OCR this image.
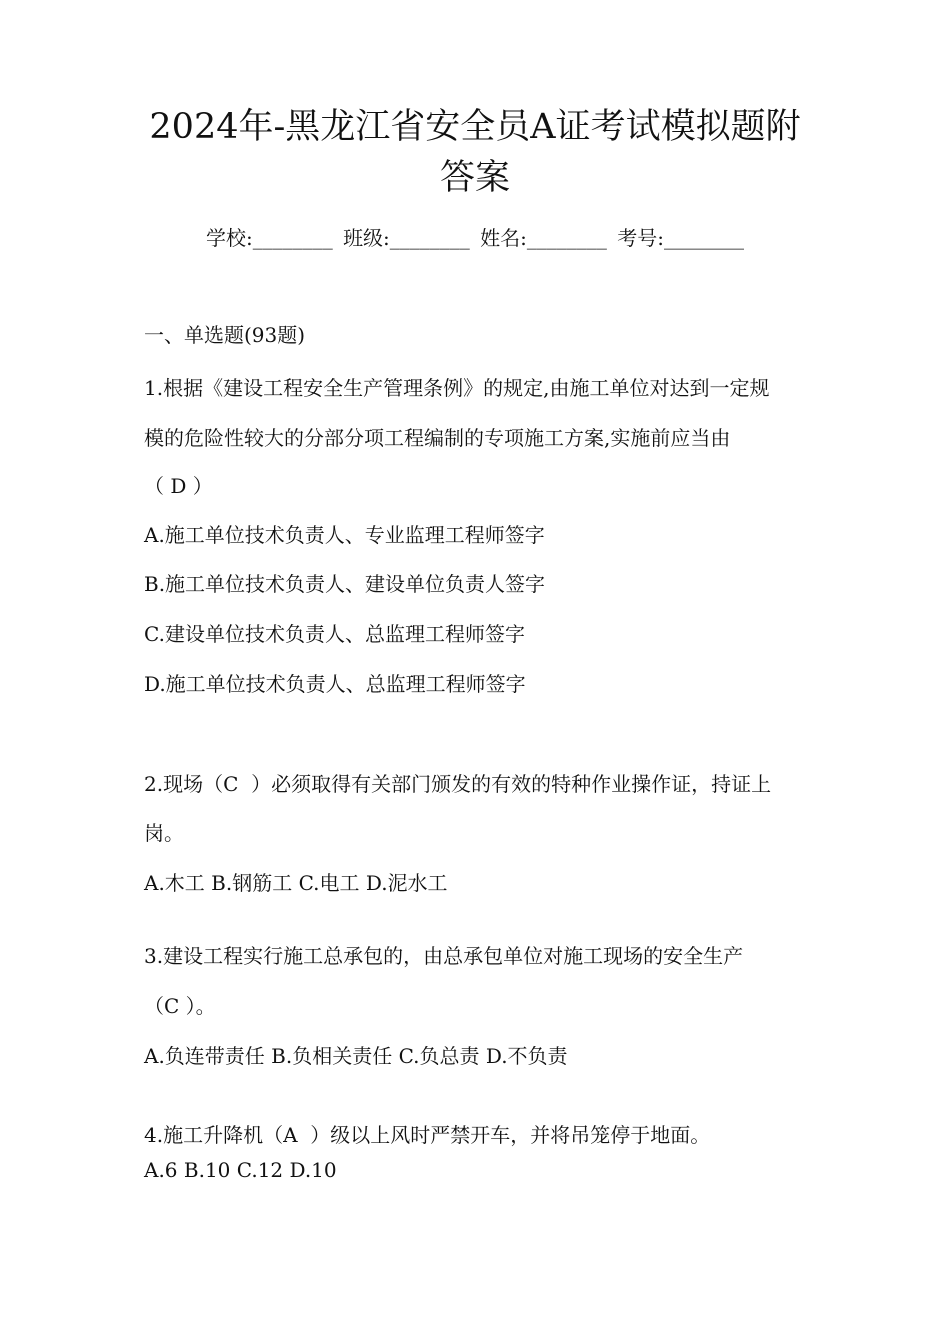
2024年-黑龙江省安全员A证考试模拟题附
答案
学校:________ 班级:________ 姓名:________ 考号:________
一、单选题(93题)
1.根据《建设工程安全生产管理条例》的规定,由施工单位对达到一定规
模的危险性较大的分部分项工程编制的专项施工方案,实施前应当由
（ D ）
A.施工单位技术负责人、专业监理工程师签字
B.施工单位技术负责人、建设单位负责人签字
C.建设单位技术负责人、总监理工程师签字
D.施工单位技术负责人、总监理工程师签字
2.现场（C  ）必须取得有关部门颁发的有效的特种作业操作证，持证上
岗。
A.木工 B.钢筋工 C.电工 D.泥水工
3.建设工程实行施工总承包的，由总承包单位对施工现场的安全生产
（C ）。
A.负连带责任 B.负相关责任 C.负总责 D.不负责
4.施工升降机（A  ）级以上风时严禁开车，并将吊笼停于地面。
A.6 B.10 C.12 D.10
